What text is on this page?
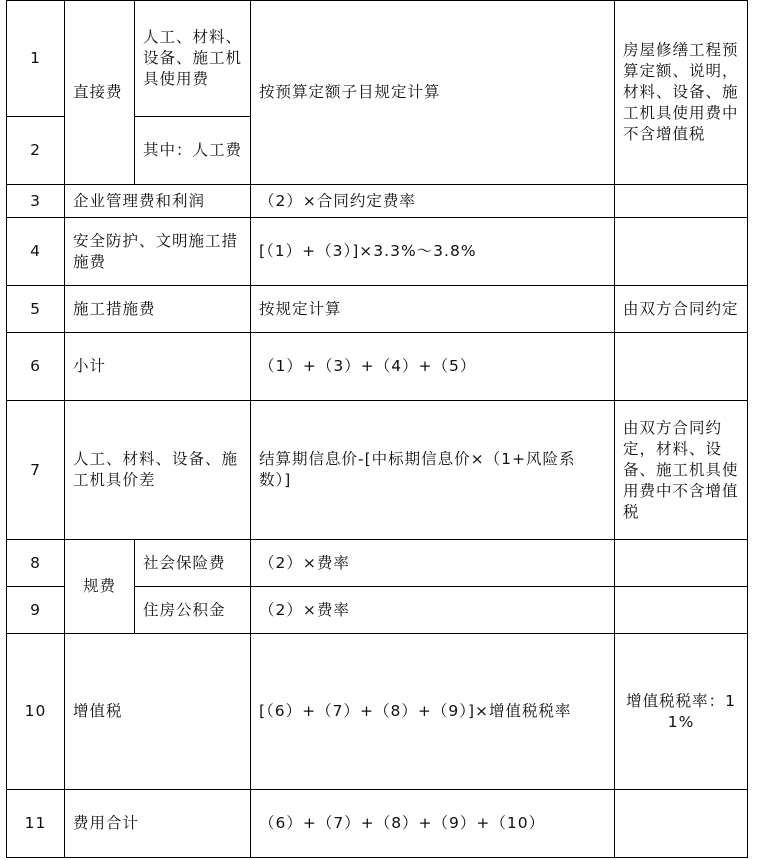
1	直接费	人工、材料、设备、施工机具使用费	按预算定额子目规定计算	房屋修缮工程预算定额、说明，材料、设备、施工机具使用费中不含增值税
2		其中：人工费		
3	企业管理费和利润		（2）×合同约定费率	
4	安全防护、文明施工措施费		[（1）+（3）]×3.3%～3.8%	
5	施工措施费		按规定计算	由双方合同约定
6	小计		（1）+（3）+（4）+（5）	
7	人工、材料、设备、施工机具价差		结算期信息价-[中标期信息价×（1+风险系数）]	由双方合同约定，材料、设备、施工机具使用费中不含增值税
8	规费	社会保险费	（2）×费率	
9		住房公积金	（2）×费率	
10	增值税		[（6）+（7）+（8）+（9）]×增值税税率	增值税税率：11%
11	费用合计		（6）+（7）+（8）+（9）+（10）	
